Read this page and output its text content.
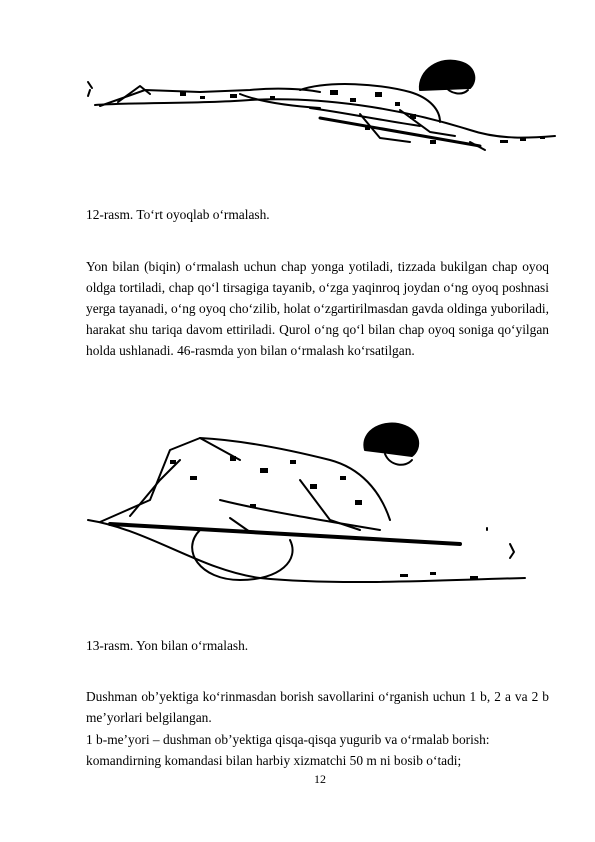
12-rasm. To‘rt oyoqlab o‘rmalash.
Yon bilan (biqin) o‘rmalash uchun chap yonga yotiladi, tizzada bukilgan chap oyoq oldga tortiladi, chap qo‘l tirsagiga tayanib, o‘zga yaqinroq joydan o‘ng oyoq poshnasi yerga tayanadi, o‘ng oyoq cho‘zilib, holat o‘zgartirilmasdan gavda oldinga yuboriladi, harakat shu tariqa davom ettiriladi. Qurol o‘ng qo‘l bilan chap oyoq soniga qo‘yilgan holda ushlanadi. 46-rasmda yon bilan o‘rmalash ko‘rsatilgan.
13-rasm. Yon bilan o‘rmalash.
Dushman ob’yektiga ko‘rinmasdan borish savollarini o‘rganish uchun 1 b, 2 a va 2 b me’yorlari belgilangan.
1 b-me’yori – dushman ob’yektiga qisqa-qisqa yugurib va o‘rmalab borish:
komandirning komandasi bilan harbiy xizmatchi 50 m ni bosib o‘tadi;
12
